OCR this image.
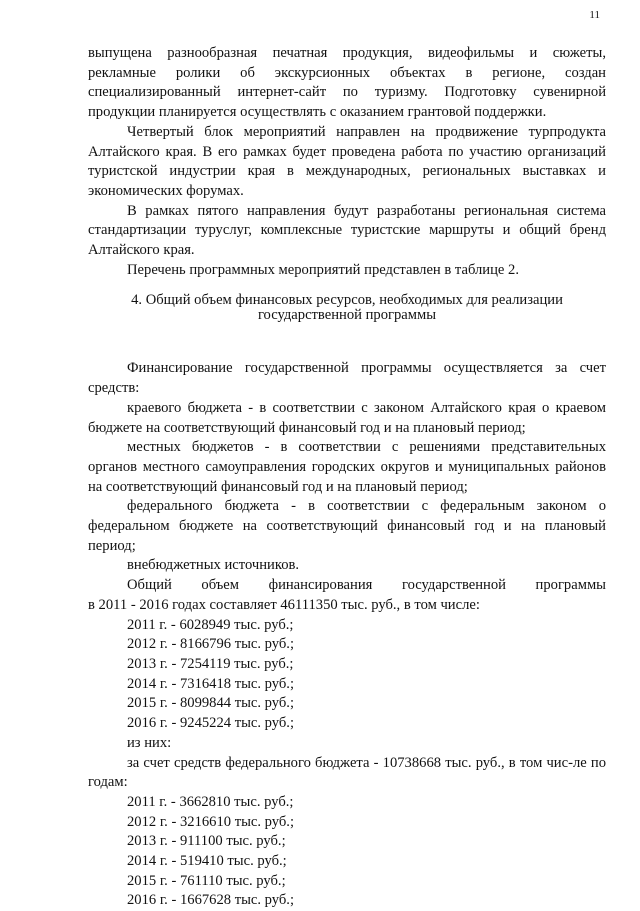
11

выпущена разнообразная печатная продукция, видеофильмы и сюжеты, рекламные ролики об экскурсионных объектах в регионе, создан специализированный интернет-сайт по туризму. Подготовку сувенирной продукции планируется осуществлять с оказанием грантовой поддержки.

Четвертый блок мероприятий направлен на продвижение турпродукта Алтайского края. В его рамках будет проведена работа по участию организаций туристской индустрии края в международных, региональных выставках и экономических форумах.

В рамках пятого направления будут разработаны региональная система стандартизации туруслуг, комплексные туристские маршруты и общий бренд Алтайского края.

Перечень программных мероприятий представлен в таблице 2.

4. Общий объем финансовых ресурсов, необходимых для реализации государственной программы

Финансирование государственной программы осуществляется за счет средств:

краевого бюджета - в соответствии с законом Алтайского края о краевом бюджете на соответствующий финансовый год и на плановый период;

местных бюджетов - в соответствии с решениями представительных органов местного самоуправления городских округов и муниципальных районов на соответствующий финансовый год и на плановый период;

федерального бюджета - в соответствии с федеральным законом о федеральном бюджете на соответствующий финансовый год и на плановый период;

внебюджетных источников.

Общий объем финансирования государственной программы

в 2011 - 2016 годах составляет 46111350 тыс. руб., в том числе:

2011 г. - 6028949 тыс. руб.;
2012 г. - 8166796 тыс. руб.;
2013 г. - 7254119 тыс. руб.;
2014 г. - 7316418 тыс. руб.;
2015 г. - 8099844 тыс. руб.;
2016 г. - 9245224 тыс. руб.;
из них:

за счет средств федерального бюджета - 10738668 тыс. руб., в том чис-ле по годам:

2011 г. - 3662810 тыс. руб.;
2012 г. - 3216610 тыс. руб.;
2013 г. - 911100 тыс. руб.;
2014 г. - 519410 тыс. руб.;
2015 г. - 761110 тыс. руб.;
2016 г. - 1667628 тыс. руб.;
